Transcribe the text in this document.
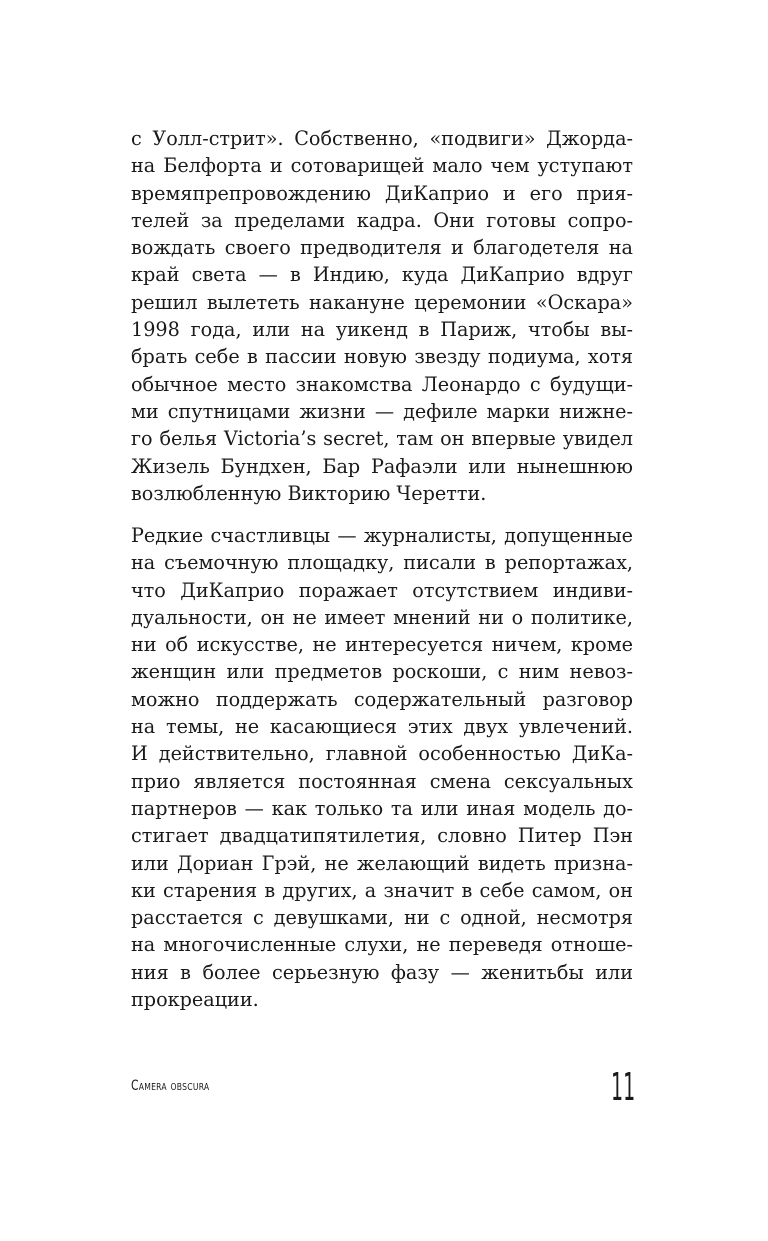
с Уолл-стрит». Собственно, «подвиги» Джорда-
на Белфорта и сотоварищей мало чем уступают
времяпрепровождению ДиКаприо и его прия-
телей за пределами кадра. Они готовы сопро-
вождать своего предводителя и благодетеля на
край света — в Индию, куда ДиКаприо вдруг
решил вылететь накануне церемонии «Оскара»
1998 года, или на уикенд в Париж, чтобы вы-
брать себе в пассии новую звезду подиума, хотя
обычное место знакомства Леонардо с будущи-
ми спутницами жизни — дефиле марки нижне-
го белья Victoria’s secret, там он впервые увидел
Жизель Бундхен, Бар Рафаэли или нынешнюю
возлюбленную Викторию Черетти.
Редкие счастливцы — журналисты, допущенные
на съемочную площадку, писали в репортажах,
что ДиКаприо поражает отсутствием индиви-
дуальности, он не имеет мнений ни о политике,
ни об искусстве, не интересуется ничем, кроме
женщин или предметов роскоши, с ним невоз-
можно поддержать содержательный разговор
на темы, не касающиеся этих двух увлечений.
И действительно, главной особенностью ДиКа-
прио является постоянная смена сексуальных
партнеров — как только та или иная модель до-
стигает двадцатипятилетия, словно Питер Пэн
или Дориан Грэй, не желающий видеть призна-
ки старения в других, а значит в себе самом, он
расстается с девушками, ни с одной, несмотря
на многочисленные слухи, не переведя отноше-
ния в более серьезную фазу — женитьбы или
прокреации.
Camera obscura	11
